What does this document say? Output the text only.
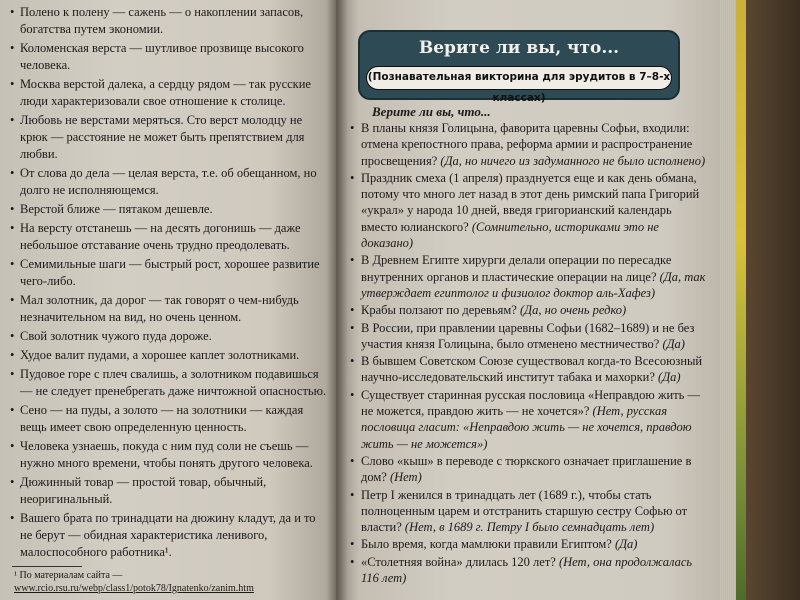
• Полено к полену — сажень — о накоплении запасов, богатства путем экономии.
• Коломенская верста — шутливое прозвище высокого человека.
• Москва верстой далека, а сердцу рядом — так русские люди характеризовали свое отношение к столице.
• Любовь не верстами меряться. Сто верст молодцу не крюк — расстояние не может быть препятствием для любви.
• От слова до дела — целая верста, т.е. об обещанном, но долго не исполняющемся.
• Верстой ближе — пятаком дешевле.
• На версту отстанешь — на десять догонишь — даже небольшое отставание очень трудно преодолевать.
• Семимильные шаги — быстрый рост, хорошее развитие чего-либо.
• Мал золотник, да дорог — так говорят о чем-нибудь незначительном на вид, но очень ценном.
• Свой золотник чужого пуда дороже.
• Худое валит пудами, а хорошее каплет золотниками.
• Пудовое горе с плеч свалишь, а золотником подавишься — не следует пренебрегать даже ничтожной опасностью.
• Сено — на пуды, а золото — на золотники — каждая вещь имеет свою определенную ценность.
• Человека узнаешь, покуда с ним пуд соли не съешь — нужно много времени, чтобы понять другого человека.
• Дюжинный товар — простой товар, обычный, неоригинальный.
• Вашего брата по тринадцати на дюжину кладут, да и то не берут — обидная характеристика ленивого, малоспособного работника¹.
¹ По материалам сайта — www.rcio.rsu.ru/webp/class1/potok78/Ignatenko/zanim.htm
Верите ли вы, что...
(Познавательная викторина для эрудитов в 7–8-х классах)
Верите ли вы, что...
• В планы князя Голицына, фаворита царевны Софьи, входили: отмена крепостного права, реформа армии и распространение просвещения? (Да, но ничего из задуманного не было исполнено)
• Праздник смеха (1 апреля) празднуется еще и как день обмана, потому что много лет назад в этот день римский папа Григорий «украл» у народа 10 дней, введя григорианский календарь вместо юлианского? (Сомнительно, историками это не доказано)
• В Древнем Египте хирурги делали операции по пересадке внутренних органов и пластические операции на лице? (Да, так утверждает египтолог и физиолог доктор аль-Хафез)
• Крабы ползают по деревьям? (Да, но очень редко)
• В России, при правлении царевны Софьи (1682–1689) и не без участия князя Голицына, было отменено местничество? (Да)
• В бывшем Советском Союзе существовал когда-то Всесоюзный научно-исследовательский институт табака и махорки? (Да)
• Существует старинная русская пословица «Неправдою жить — не можется, правдою жить — не хочется»? (Нет, русская пословица гласит: «Неправдою жить — не хочется, правдою жить — не можется»)
• Слово «кыш» в переводе с тюркского означает приглашение в дом? (Нет)
• Петр I женился в тринадцать лет (1689 г.), чтобы стать полноценным царем и отстранить старшую сестру Софью от власти? (Нет, в 1689 г. Петру I было семнадцать лет)
• Было время, когда мамлюки правили Египтом? (Да)
• «Столетняя война» длилась 120 лет? (Нет, она продолжалась 116 лет)
